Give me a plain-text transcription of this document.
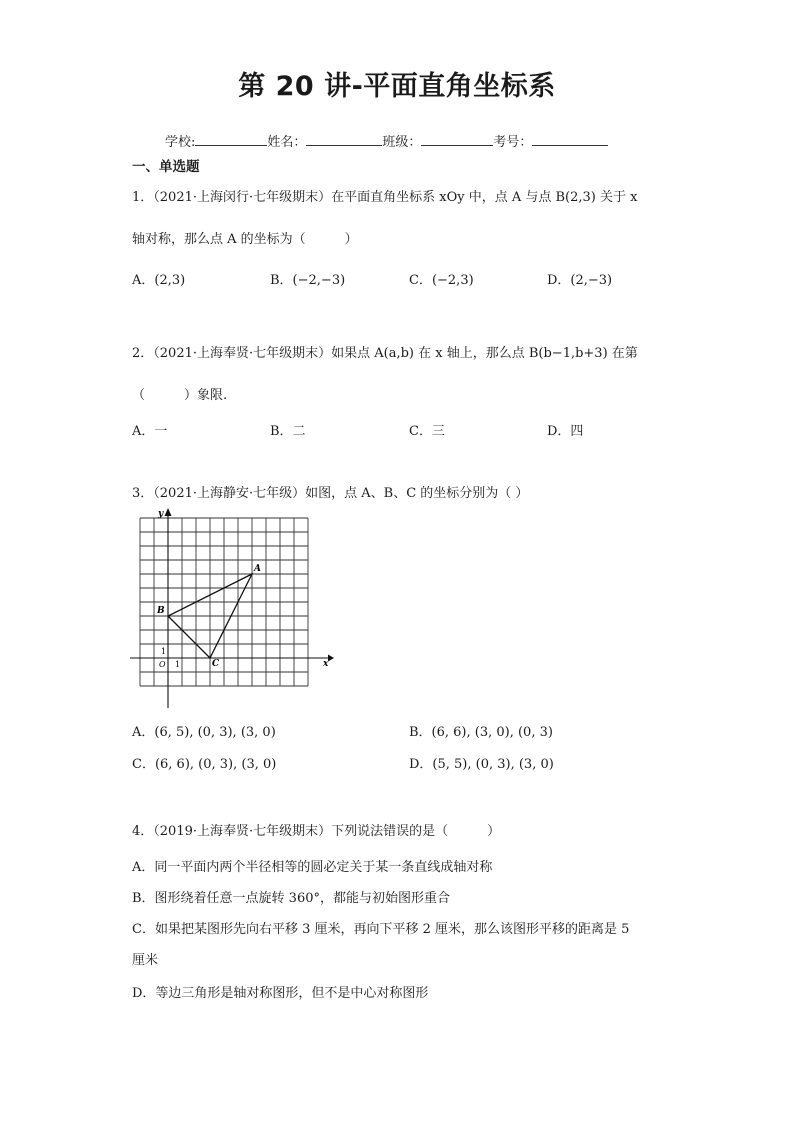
第 20 讲-平面直角坐标系
学校:	姓名：	班级：	考号：
一、单选题
1．（2021·上海闵行·七年级期末）在平面直角坐标系 xOy 中，点 A 与点 B(2,3) 关于 x
轴对称，那么点 A 的坐标为（　　　）
A．(2,3)	B．(−2,−3)	C．(−2,3)	D．(2,−3)
2．（2021·上海奉贤·七年级期末）如果点 A(a,b) 在 x 轴上，那么点 B(b−1,b+3) 在第
（　　　）象限.
A．一	B．二	C．三	D．四
3．（2021·上海静安·七年级）如图，点 A、B、C 的坐标分别为（ ）
y
x
O 1
1
A
B
C
A．(6, 5), (0, 3), (3, 0)	B．(6, 6), (3, 0), (0, 3)
C．(6, 6), (0, 3), (3, 0)	D．(5, 5), (0, 3), (3, 0)
4．（2019·上海奉贤·七年级期末）下列说法错误的是（　　　）
A．同一平面内两个半径相等的圆必定关于某一条直线成轴对称
B．图形绕着任意一点旋转 360°，都能与初始图形重合
C．如果把某图形先向右平移 3 厘米，再向下平移 2 厘米，那么该图形平移的距离是 5
厘米
D．等边三角形是轴对称图形，但不是中心对称图形
